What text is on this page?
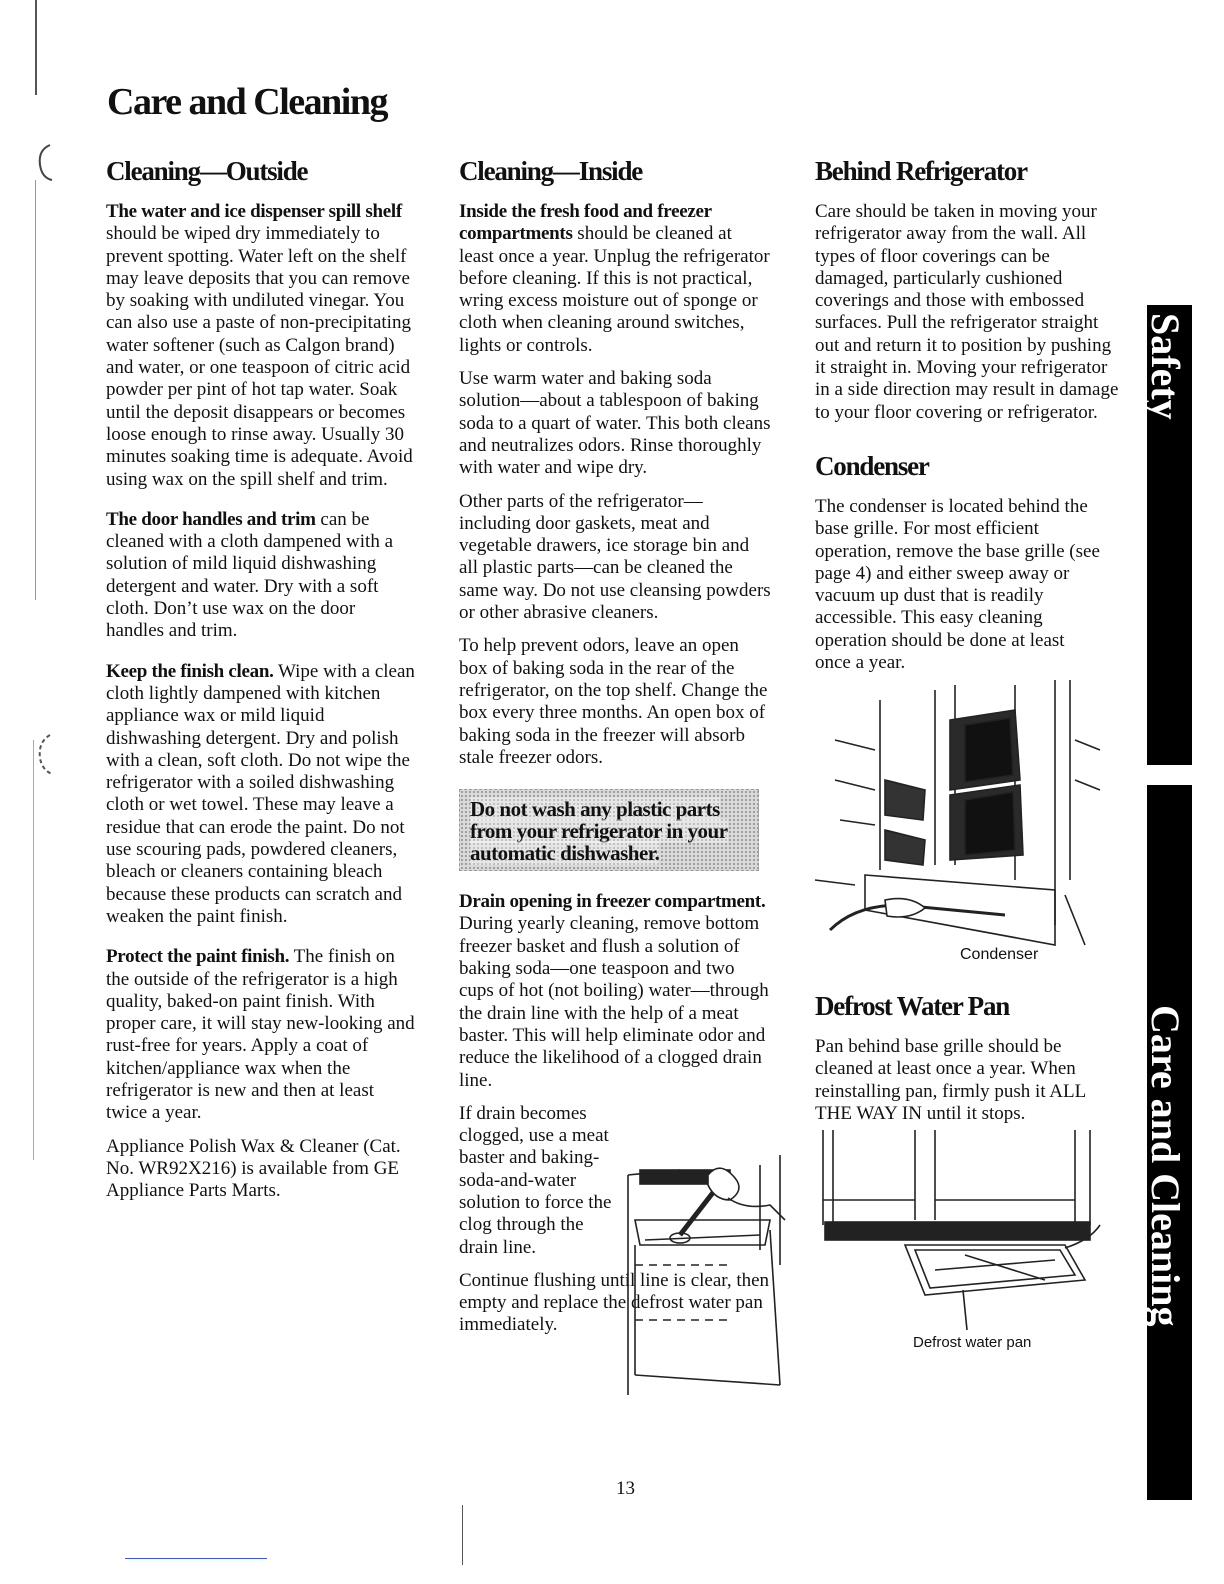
Care and Cleaning
Cleaning—Outside

The water and ice dispenser spill shelf should be wiped dry immediately to prevent spotting. Water left on the shelf may leave deposits that you can remove by soaking with undiluted vinegar. You can also use a paste of non-precipitating water softener (such as Calgon brand) and water, or one teaspoon of citric acid powder per pint of hot tap water. Soak until the deposit disappears or becomes loose enough to rinse away. Usually 30 minutes soaking time is adequate. Avoid using wax on the spill shelf and trim.

The door handles and trim can be cleaned with a cloth dampened with a solution of mild liquid dishwashing detergent and water. Dry with a soft cloth. Don’t use wax on the door handles and trim.

Keep the finish clean. Wipe with a clean cloth lightly dampened with kitchen appliance wax or mild liquid dishwashing detergent. Dry and polish with a clean, soft cloth. Do not wipe the refrigerator with a soiled dishwashing cloth or wet towel. These may leave a residue that can erode the paint. Do not use scouring pads, powdered cleaners, bleach or cleaners containing bleach because these products can scratch and weaken the paint finish.

Protect the paint finish. The finish on the outside of the refrigerator is a high quality, baked-on paint finish. With proper care, it will stay new-looking and rust-free for years. Apply a coat of kitchen/appliance wax when the refrigerator is new and then at least twice a year.

Appliance Polish Wax & Cleaner (Cat. No. WR92X216) is available from GE Appliance Parts Marts.

Cleaning—Inside

Inside the fresh food and freezer compartments should be cleaned at least once a year. Unplug the refrigerator before cleaning. If this is not practical, wring excess moisture out of sponge or cloth when cleaning around switches, lights or controls.

Use warm water and baking soda solution—about a tablespoon of baking soda to a quart of water. This both cleans and neutralizes odors. Rinse thoroughly with water and wipe dry.

Other parts of the refrigerator—including door gaskets, meat and vegetable drawers, ice storage bin and all plastic parts—can be cleaned the same way. Do not use cleansing powders or other abrasive cleaners.

To help prevent odors, leave an open box of baking soda in the rear of the refrigerator, on the top shelf. Change the box every three months. An open box of baking soda in the freezer will absorb stale freezer odors.

Do not wash any plastic parts from your refrigerator in your automatic dishwasher.

Drain opening in freezer compartment. During yearly cleaning, remove bottom freezer basket and flush a solution of baking soda—one teaspoon and two cups of hot (not boiling) water—through the drain line with the help of a meat baster. This will help eliminate odor and reduce the likelihood of a clogged drain line.

If drain becomes clogged, use a meat baster and baking-soda-and-water solution to force the clog through the drain line.

Continue flushing until line is clear, then empty and replace the defrost water pan immediately.

Behind Refrigerator

Care should be taken in moving your refrigerator away from the wall. All types of floor coverings can be damaged, particularly cushioned coverings and those with embossed surfaces. Pull the refrigerator straight out and return it to position by pushing it straight in. Moving your refrigerator in a side direction may result in damage to your floor covering or refrigerator.

Condenser

The condenser is located behind the base grille. For most efficient operation, remove the base grille (see page 4) and either sweep away or vacuum up dust that is readily accessible. This easy cleaning operation should be done at least once a year.

Condenser
Defrost Water Pan

Pan behind base grille should be cleaned at least once a year. When reinstalling pan, firmly push it ALL THE WAY IN until it stops.

Defrost water pan
13
Safety
Care and Cleaning
